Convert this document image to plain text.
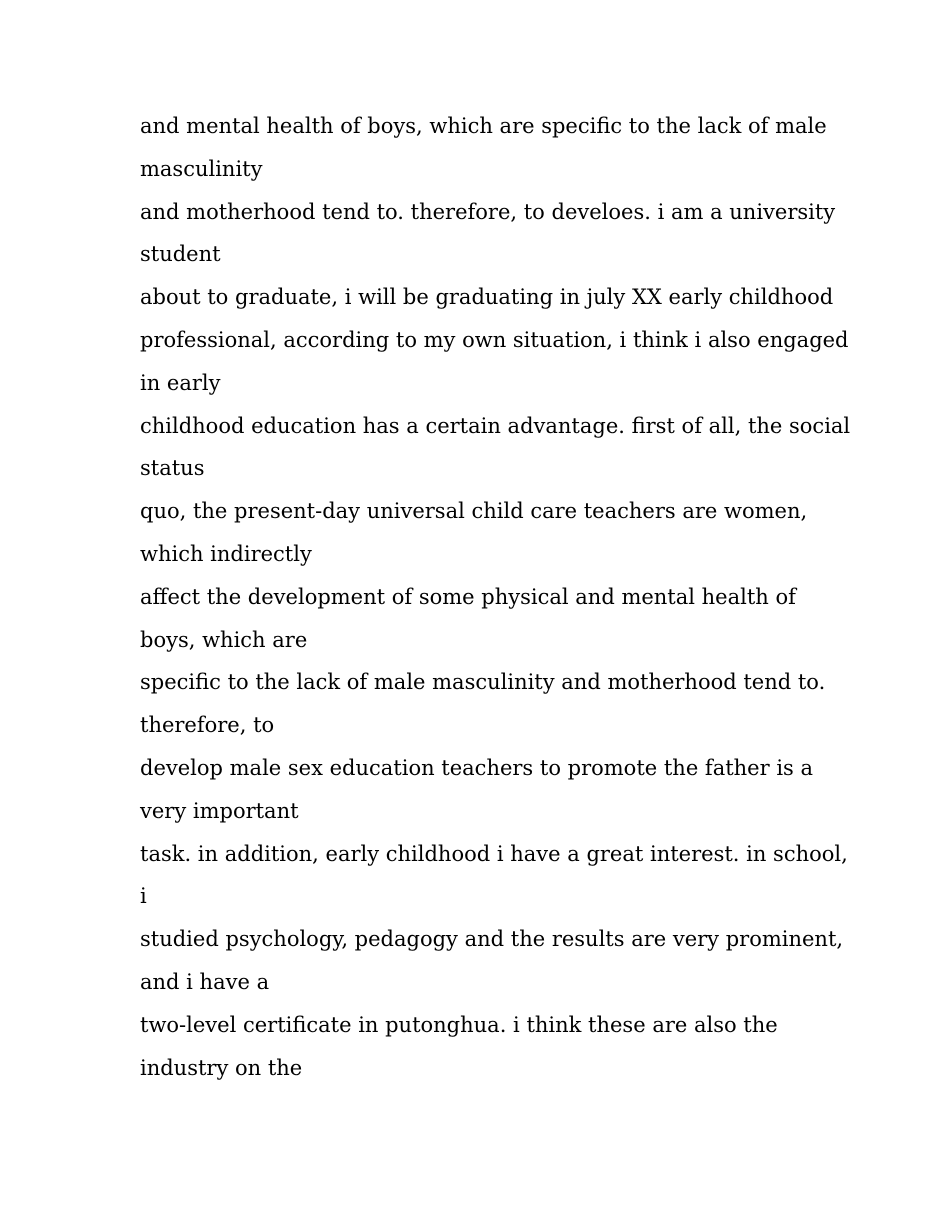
and mental health of boys, which are specific to the lack of male
masculinity
and motherhood tend to. therefore, to develoes. i am a university
student
about to graduate, i will be graduating in july XX early childhood
professional, according to my own situation, i think i also engaged
in early
childhood education has a certain advantage. first of all, the social
status
quo, the present-day universal child care teachers are women,
which indirectly
affect the development of some physical and mental health of
boys, which are
specific to the lack of male masculinity and motherhood tend to.
therefore, to
develop male sex education teachers to promote the father is a
very important
task. in addition, early childhood i have a great interest. in school,
i
studied psychology, pedagogy and the results are very prominent,
and i have a
two-level certificate in putonghua. i think these are also the
industry on the
